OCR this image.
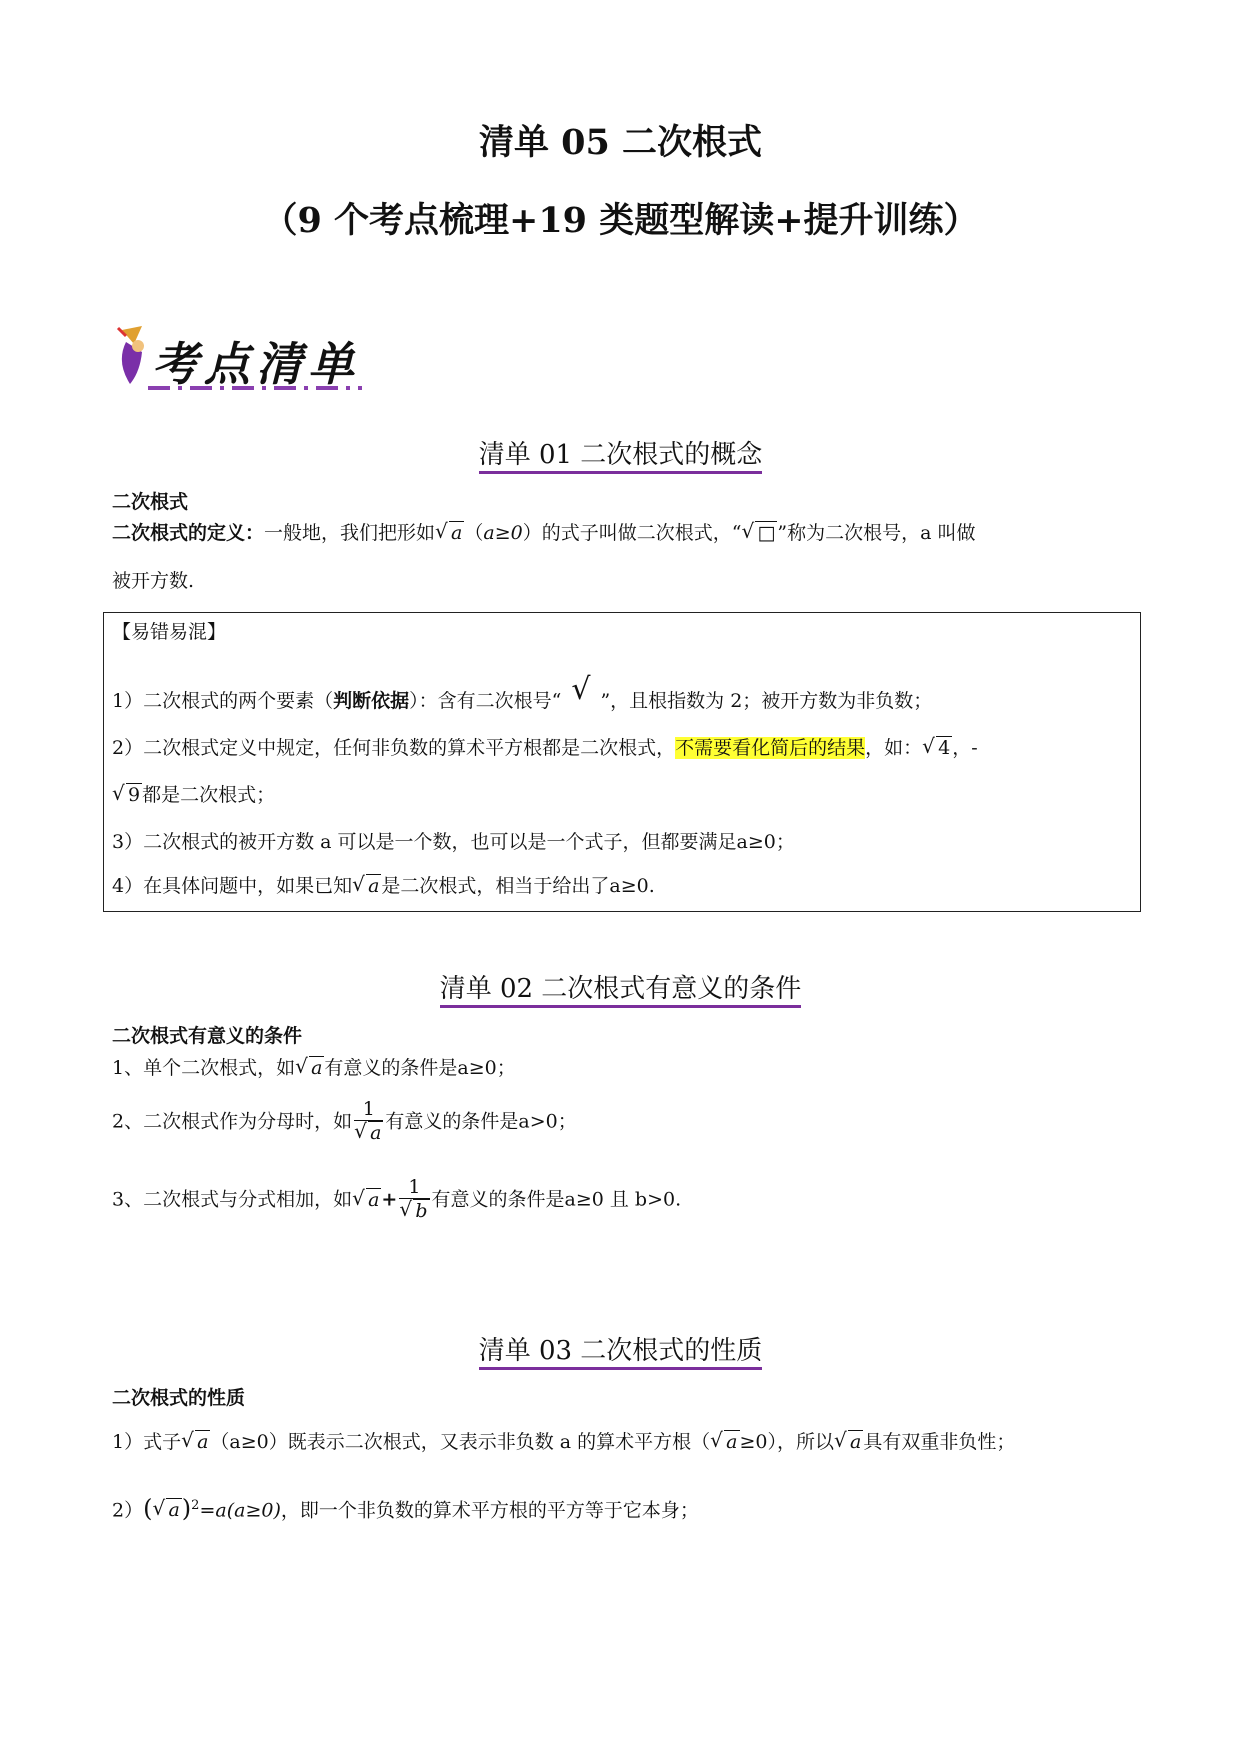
清单 05 二次根式
（9 个考点梳理+19 类题型解读+提升训练）
考点清单
清单 01 二次根式的概念
二次根式
二次根式的定义：一般地，我们把形如 √ a （a≥0）的式子叫做二次根式，“ √ □ ”称为二次根号，a 叫做
被开方数.
【易错易混】
1）二次根式的两个要素（判断依据）：含有二次根号“ √ ”，且根指数为 2；被开方数为非负数；
2）二次根式定义中规定，任何非负数的算术平方根都是二次根式，不需要看化简后的结果，如： √ 4 ，-
√ 9 都是二次根式；
3）二次根式的被开方数 a 可以是一个数，也可以是一个式子，但都要满足a≥0；
4）在具体问题中，如果已知 √ a 是二次根式，相当于给出了a≥0.
清单 02 二次根式有意义的条件
二次根式有意义的条件
1、单个二次根式，如 √ a 有意义的条件是a≥0；
2、二次根式作为分母时，如 $\frac{1}{√ a}$ 有意义的条件是a>0；
3、二次根式与分式相加，如 √ $a + \frac{1}{√ b}$ 有意义的条件是a≥0 且 b>0.
清单 03 二次根式的性质
二次根式的性质
1）式子 √ a （a≥0）既表示二次根式，又表示非负数 a 的算术平方根（ √ a ≥0），所以 √ a 具有双重非负性；
2）( √ a)$^2$=a(a≥0)，即一个非负数的算术平方根的平方等于它本身；
